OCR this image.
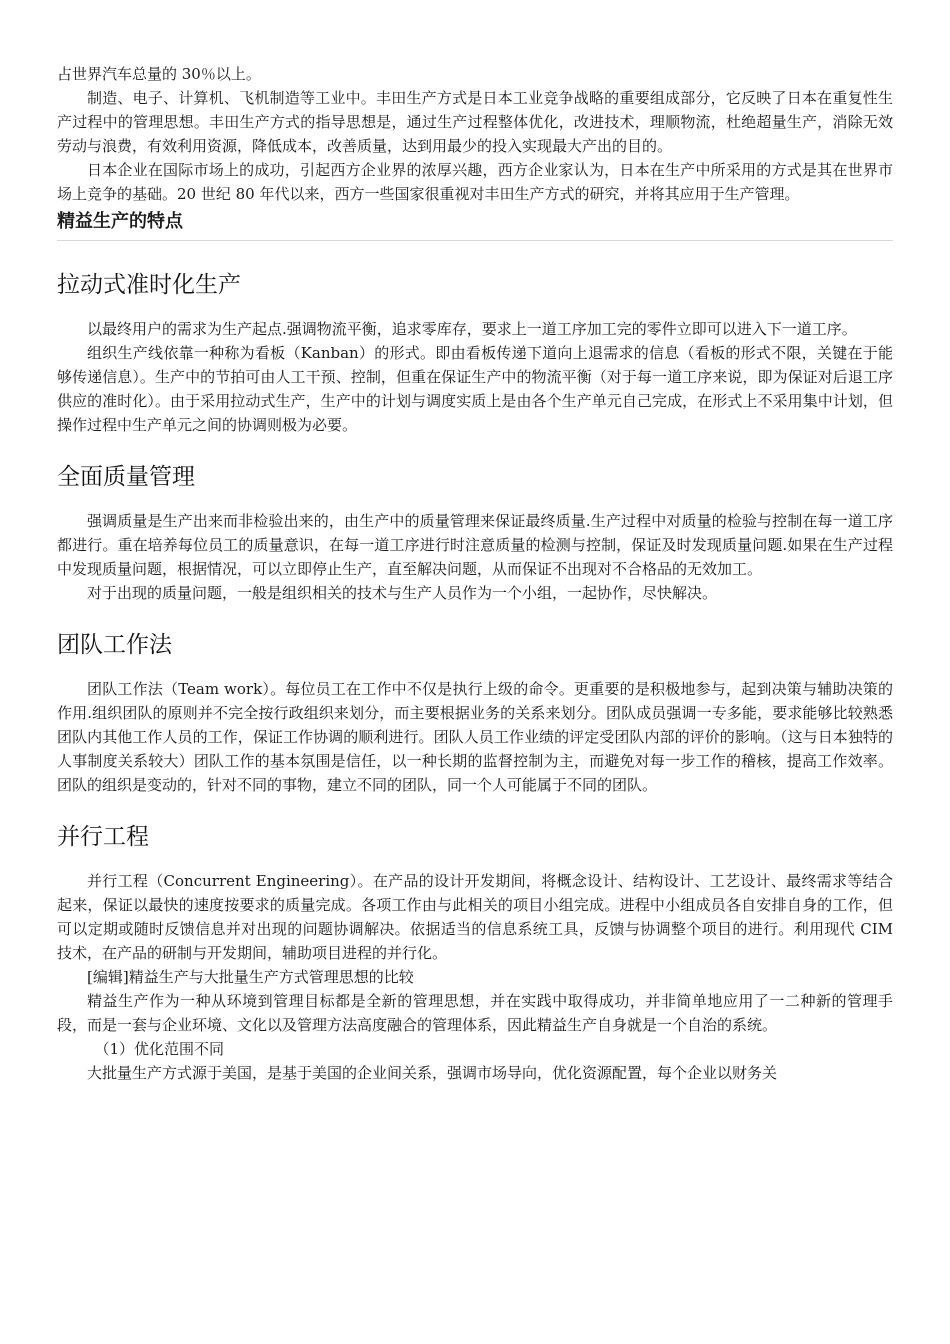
占世界汽车总量的 30％以上。

制造、电子、计算机、飞机制造等工业中。丰田生产方式是日本工业竞争战略的重要组成部分，它反映了日本在重复性生产过程中的管理思想。丰田生产方式的指导思想是，通过生产过程整体优化，改进技术，理顺物流，杜绝超量生产，消除无效劳动与浪费，有效利用资源，降低成本，改善质量，达到用最少的投入实现最大产出的目的。

日本企业在国际市场上的成功，引起西方企业界的浓厚兴趣，西方企业家认为，日本在生产中所采用的方式是其在世界市场上竞争的基础。20 世纪 80 年代以来，西方一些国家很重视对丰田生产方式的研究，并将其应用于生产管理。

精益生产的特点
拉动式准时化生产

以最终用户的需求为生产起点.强调物流平衡，追求零库存，要求上一道工序加工完的零件立即可以进入下一道工序。

组织生产线依靠一种称为看板（Kanban）的形式。即由看板传递下道向上退需求的信息（看板的形式不限，关键在于能够传递信息）。生产中的节拍可由人工干预、控制，但重在保证生产中的物流平衡（对于每一道工序来说，即为保证对后退工序供应的准时化）。由于采用拉动式生产，生产中的计划与调度实质上是由各个生产单元自己完成，在形式上不采用集中计划，但操作过程中生产单元之间的协调则极为必要。

全面质量管理

强调质量是生产出来而非检验出来的，由生产中的质量管理来保证最终质量.生产过程中对质量的检验与控制在每一道工序都进行。重在培养每位员工的质量意识，在每一道工序进行时注意质量的检测与控制，保证及时发现质量问题.如果在生产过程中发现质量问题，根据情况，可以立即停止生产，直至解决问题，从而保证不出现对不合格品的无效加工。

对于出现的质量问题，一般是组织相关的技术与生产人员作为一个小组，一起协作，尽快解决。

团队工作法

团队工作法（Team work）。每位员工在工作中不仅是执行上级的命令。更重要的是积极地参与，起到决策与辅助决策的作用.组织团队的原则并不完全按行政组织来划分，而主要根据业务的关系来划分。团队成员强调一专多能，要求能够比较熟悉团队内其他工作人员的工作，保证工作协调的顺利进行。团队人员工作业绩的评定受团队内部的评价的影响。（这与日本独特的人事制度关系较大）团队工作的基本氛围是信任，以一种长期的监督控制为主，而避免对每一步工作的稽核，提高工作效率。团队的组织是变动的，针对不同的事物，建立不同的团队，同一个人可能属于不同的团队。

并行工程

并行工程（Concurrent Engineering）。在产品的设计开发期间，将概念设计、结构设计、工艺设计、最终需求等结合起来，保证以最快的速度按要求的质量完成。各项工作由与此相关的项目小组完成。进程中小组成员各自安排自身的工作，但可以定期或随时反馈信息并对出现的问题协调解决。依据适当的信息系统工具，反馈与协调整个项目的进行。利用现代 CIM 技术，在产品的研制与开发期间，辅助项目进程的并行化。

[编辑]精益生产与大批量生产方式管理思想的比较

精益生产作为一种从环境到管理目标都是全新的管理思想，并在实践中取得成功，并非简单地应用了一二种新的管理手段，而是一套与企业环境、文化以及管理方法高度融合的管理体系，因此精益生产自身就是一个自治的系统。

（1）优化范围不同

大批量生产方式源于美国，是基于美国的企业间关系，强调市场导向，优化资源配置，每个企业以财务关
